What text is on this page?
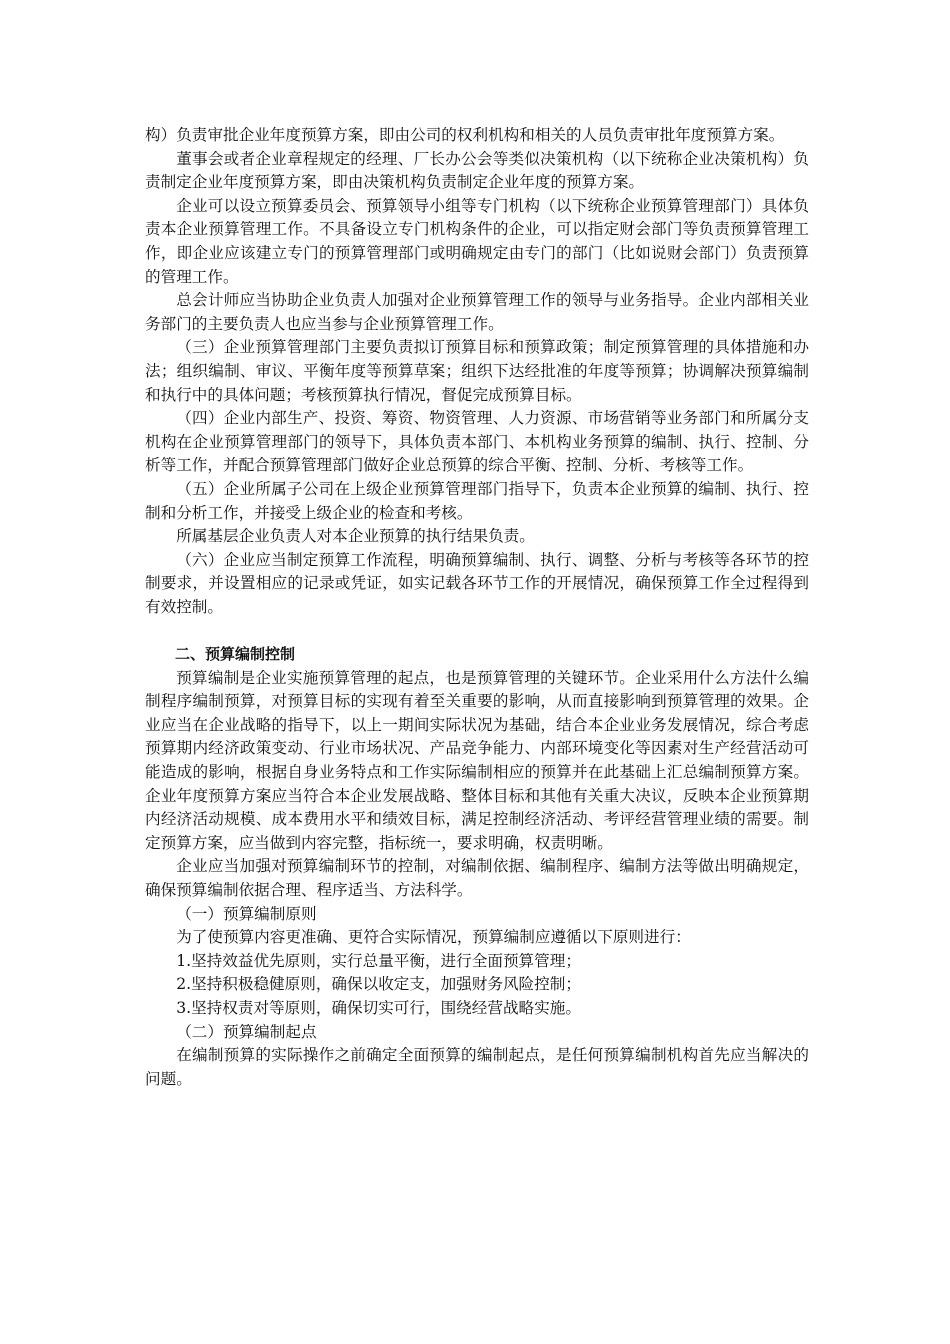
构）负责审批企业年度预算方案，即由公司的权利机构和相关的人员负责审批年度预算方案。

董事会或者企业章程规定的经理、厂长办公会等类似决策机构（以下统称企业决策机构）负责制定企业年度预算方案，即由决策机构负责制定企业年度的预算方案。

企业可以设立预算委员会、预算领导小组等专门机构（以下统称企业预算管理部门）具体负责本企业预算管理工作。不具备设立专门机构条件的企业，可以指定财会部门等负责预算管理工作，即企业应该建立专门的预算管理部门或明确规定由专门的部门（比如说财会部门）负责预算的管理工作。

总会计师应当协助企业负责人加强对企业预算管理工作的领导与业务指导。企业内部相关业务部门的主要负责人也应当参与企业预算管理工作。

（三）企业预算管理部门主要负责拟订预算目标和预算政策；制定预算管理的具体措施和办法；组织编制、审议、平衡年度等预算草案；组织下达经批准的年度等预算；协调解决预算编制和执行中的具体问题；考核预算执行情况，督促完成预算目标。

（四）企业内部生产、投资、筹资、物资管理、人力资源、市场营销等业务部门和所属分支机构在企业预算管理部门的领导下，具体负责本部门、本机构业务预算的编制、执行、控制、分析等工作，并配合预算管理部门做好企业总预算的综合平衡、控制、分析、考核等工作。

（五）企业所属子公司在上级企业预算管理部门指导下，负责本企业预算的编制、执行、控制和分析工作，并接受上级企业的检查和考核。

所属基层企业负责人对本企业预算的执行结果负责。

（六）企业应当制定预算工作流程，明确预算编制、执行、调整、分析与考核等各环节的控制要求，并设置相应的记录或凭证，如实记载各环节工作的开展情况，确保预算工作全过程得到有效控制。

二、预算编制控制

预算编制是企业实施预算管理的起点，也是预算管理的关键环节。企业采用什么方法什么编制程序编制预算，对预算目标的实现有着至关重要的影响，从而直接影响到预算管理的效果。企业应当在企业战略的指导下，以上一期间实际状况为基础，结合本企业业务发展情况，综合考虑预算期内经济政策变动、行业市场状况、产品竞争能力、内部环境变化等因素对生产经营活动可能造成的影响，根据自身业务特点和工作实际编制相应的预算并在此基础上汇总编制预算方案。企业年度预算方案应当符合本企业发展战略、整体目标和其他有关重大决议，反映本企业预算期内经济活动规模、成本费用水平和绩效目标，满足控制经济活动、考评经营管理业绩的需要。制定预算方案，应当做到内容完整，指标统一，要求明确，权责明晰。

企业应当加强对预算编制环节的控制，对编制依据、编制程序、编制方法等做出明确规定，确保预算编制依据合理、程序适当、方法科学。

（一）预算编制原则

为了使预算内容更准确、更符合实际情况，预算编制应遵循以下原则进行：

1.坚持效益优先原则，实行总量平衡，进行全面预算管理；

2.坚持积极稳健原则，确保以收定支，加强财务风险控制；

3.坚持权责对等原则，确保切实可行，围绕经营战略实施。

（二）预算编制起点

在编制预算的实际操作之前确定全面预算的编制起点，是任何预算编制机构首先应当解决的问题。
